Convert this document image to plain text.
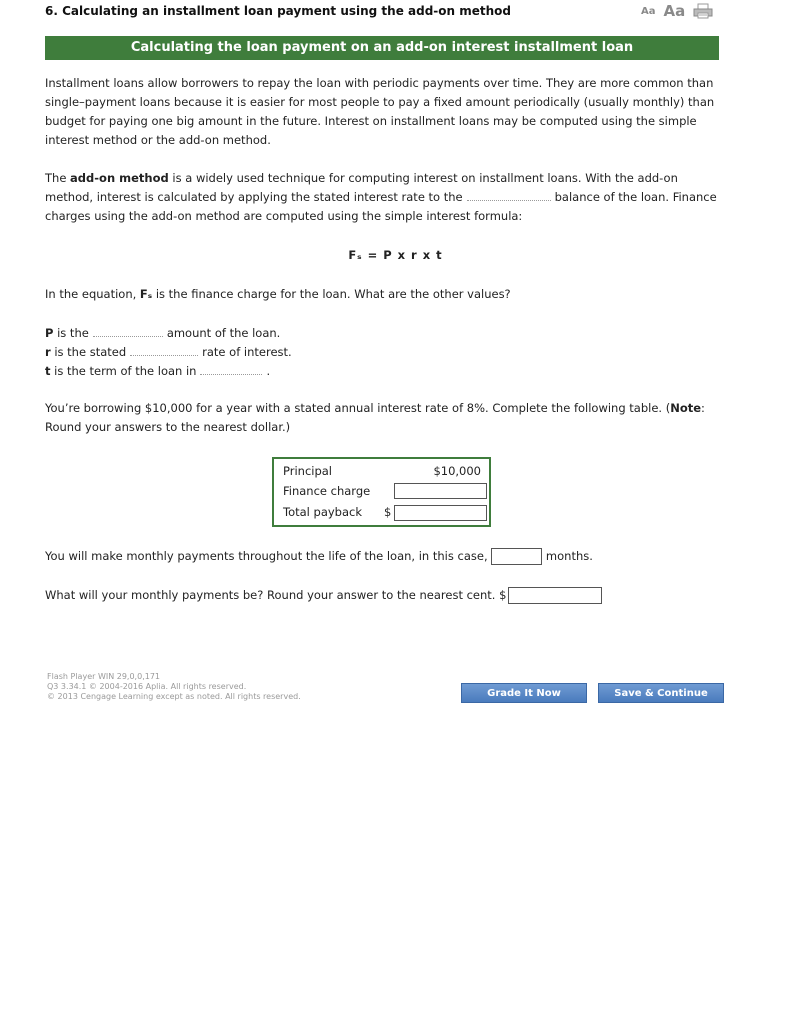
6. Calculating an installment loan payment using the add-on method	Aa Aa
Calculating the loan payment on an add-on interest installment loan
Installment loans allow borrowers to repay the loan with periodic payments over time. They are more common than single–payment loans because it is easier for most people to pay a fixed amount periodically (usually monthly) than budget for paying one big amount in the future. Interest on installment loans may be computed using the simple interest method or the add-on method.
The add-on method is a widely used technique for computing interest on installment loans. With the add-on method, interest is calculated by applying the stated interest rate to the	balance of the loan. Finance charges using the add-on method are computed using the simple interest formula:
Fₛ = P x r x t
In the equation, Fₛ is the finance charge for the loan. What are the other values?
P is the	amount of the loan.
r is the stated	rate of interest.
t is the term of the loan in	.
You’re borrowing $10,000 for a year with a stated annual interest rate of 8%. Complete the following table. (Note: Round your answers to the nearest dollar.)
Principal	$10,000
Finance charge
Total payback $
You will make monthly payments throughout the life of the loan, in this case,	months.
What will your monthly payments be? Round your answer to the nearest cent. $
Flash Player WIN 29,0,0,171
Q3 3.34.1 © 2004-2016 Aplia. All rights reserved.
© 2013 Cengage Learning except as noted. All rights reserved.	Grade It Now	Save & Continue
